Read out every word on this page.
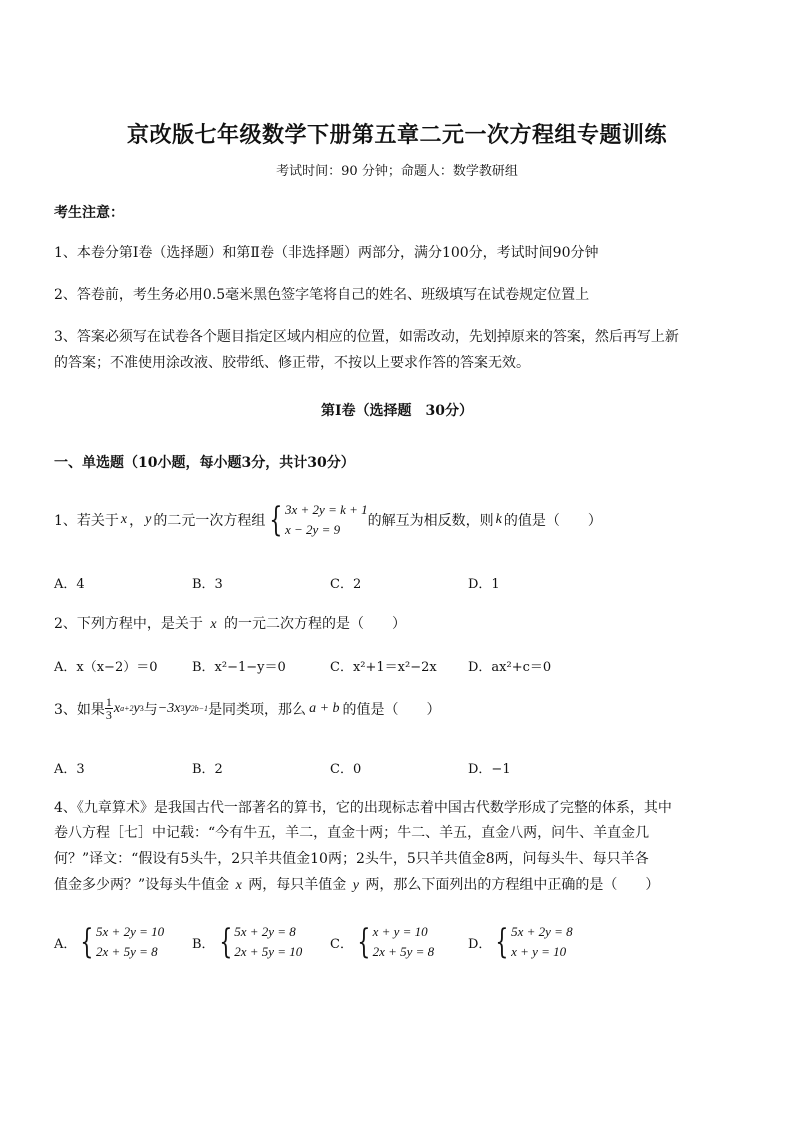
京改版七年级数学下册第五章二元一次方程组专题训练
考试时间：90 分钟；命题人：数学教研组
考生注意：
1、本卷分第Ⅰ卷（选择题）和第Ⅱ卷（非选择题）两部分，满分100分，考试时间90分钟
2、答卷前，考生务必用0.5毫米黑色签字笔将自己的姓名、班级填写在试卷规定位置上
3、答案必须写在试卷各个题目指定区域内相应的位置，如需改动，先划掉原来的答案，然后再写上新
的答案；不准使用涂改液、胶带纸、修正带，不按以上要求作答的答案无效。
第Ⅰ卷（选择题　30分）
一、单选题（10小题，每小题3分，共计30分）
1、若关于 x ， y 的二元一次方程组 { 3x + 2y = k + 1
x − 2y = 9
的解互为相反数，则 k 的值是（　　）
A．4	B．3	C．2	D．1
2、下列方程中，是关于 x 的一元二次方程的是（　　）
A．x（x−2）＝0	B．x²−1−y＝0	C．x²+1＝x²−2x D．ax²+c＝0
3、如果 $\frac{1}{3}$ x a+2 y 3 与 −3x 3 y 2b−1 是同类项，那么 a + b 的值是（　　）
A．3	B．2	C．0	D．−1
4、《九章算术》是我国古代一部著名的算书，它的出现标志着中国古代数学形成了完整的体系，其中
卷八方程［七］中记载：“今有牛五，羊二，直金十两；牛二、羊五，直金八两，问牛、羊直金几
何？”译文：“假设有5头牛，2只羊共值金10两；2头牛，5只羊共值金8两，问每头牛、每只羊各
值金多少两？”设每头牛值金 x 两，每只羊值金 y 两，那么下面列出的方程组中正确的是（　　）
A． { 5x + 2y = 10
2x + 5y = 8	B． { 5x + 2y = 8
2x + 5y = 10 C． { x + y = 10
2x + 5y = 8	D． { 5x + 2y = 8
x + y = 10
